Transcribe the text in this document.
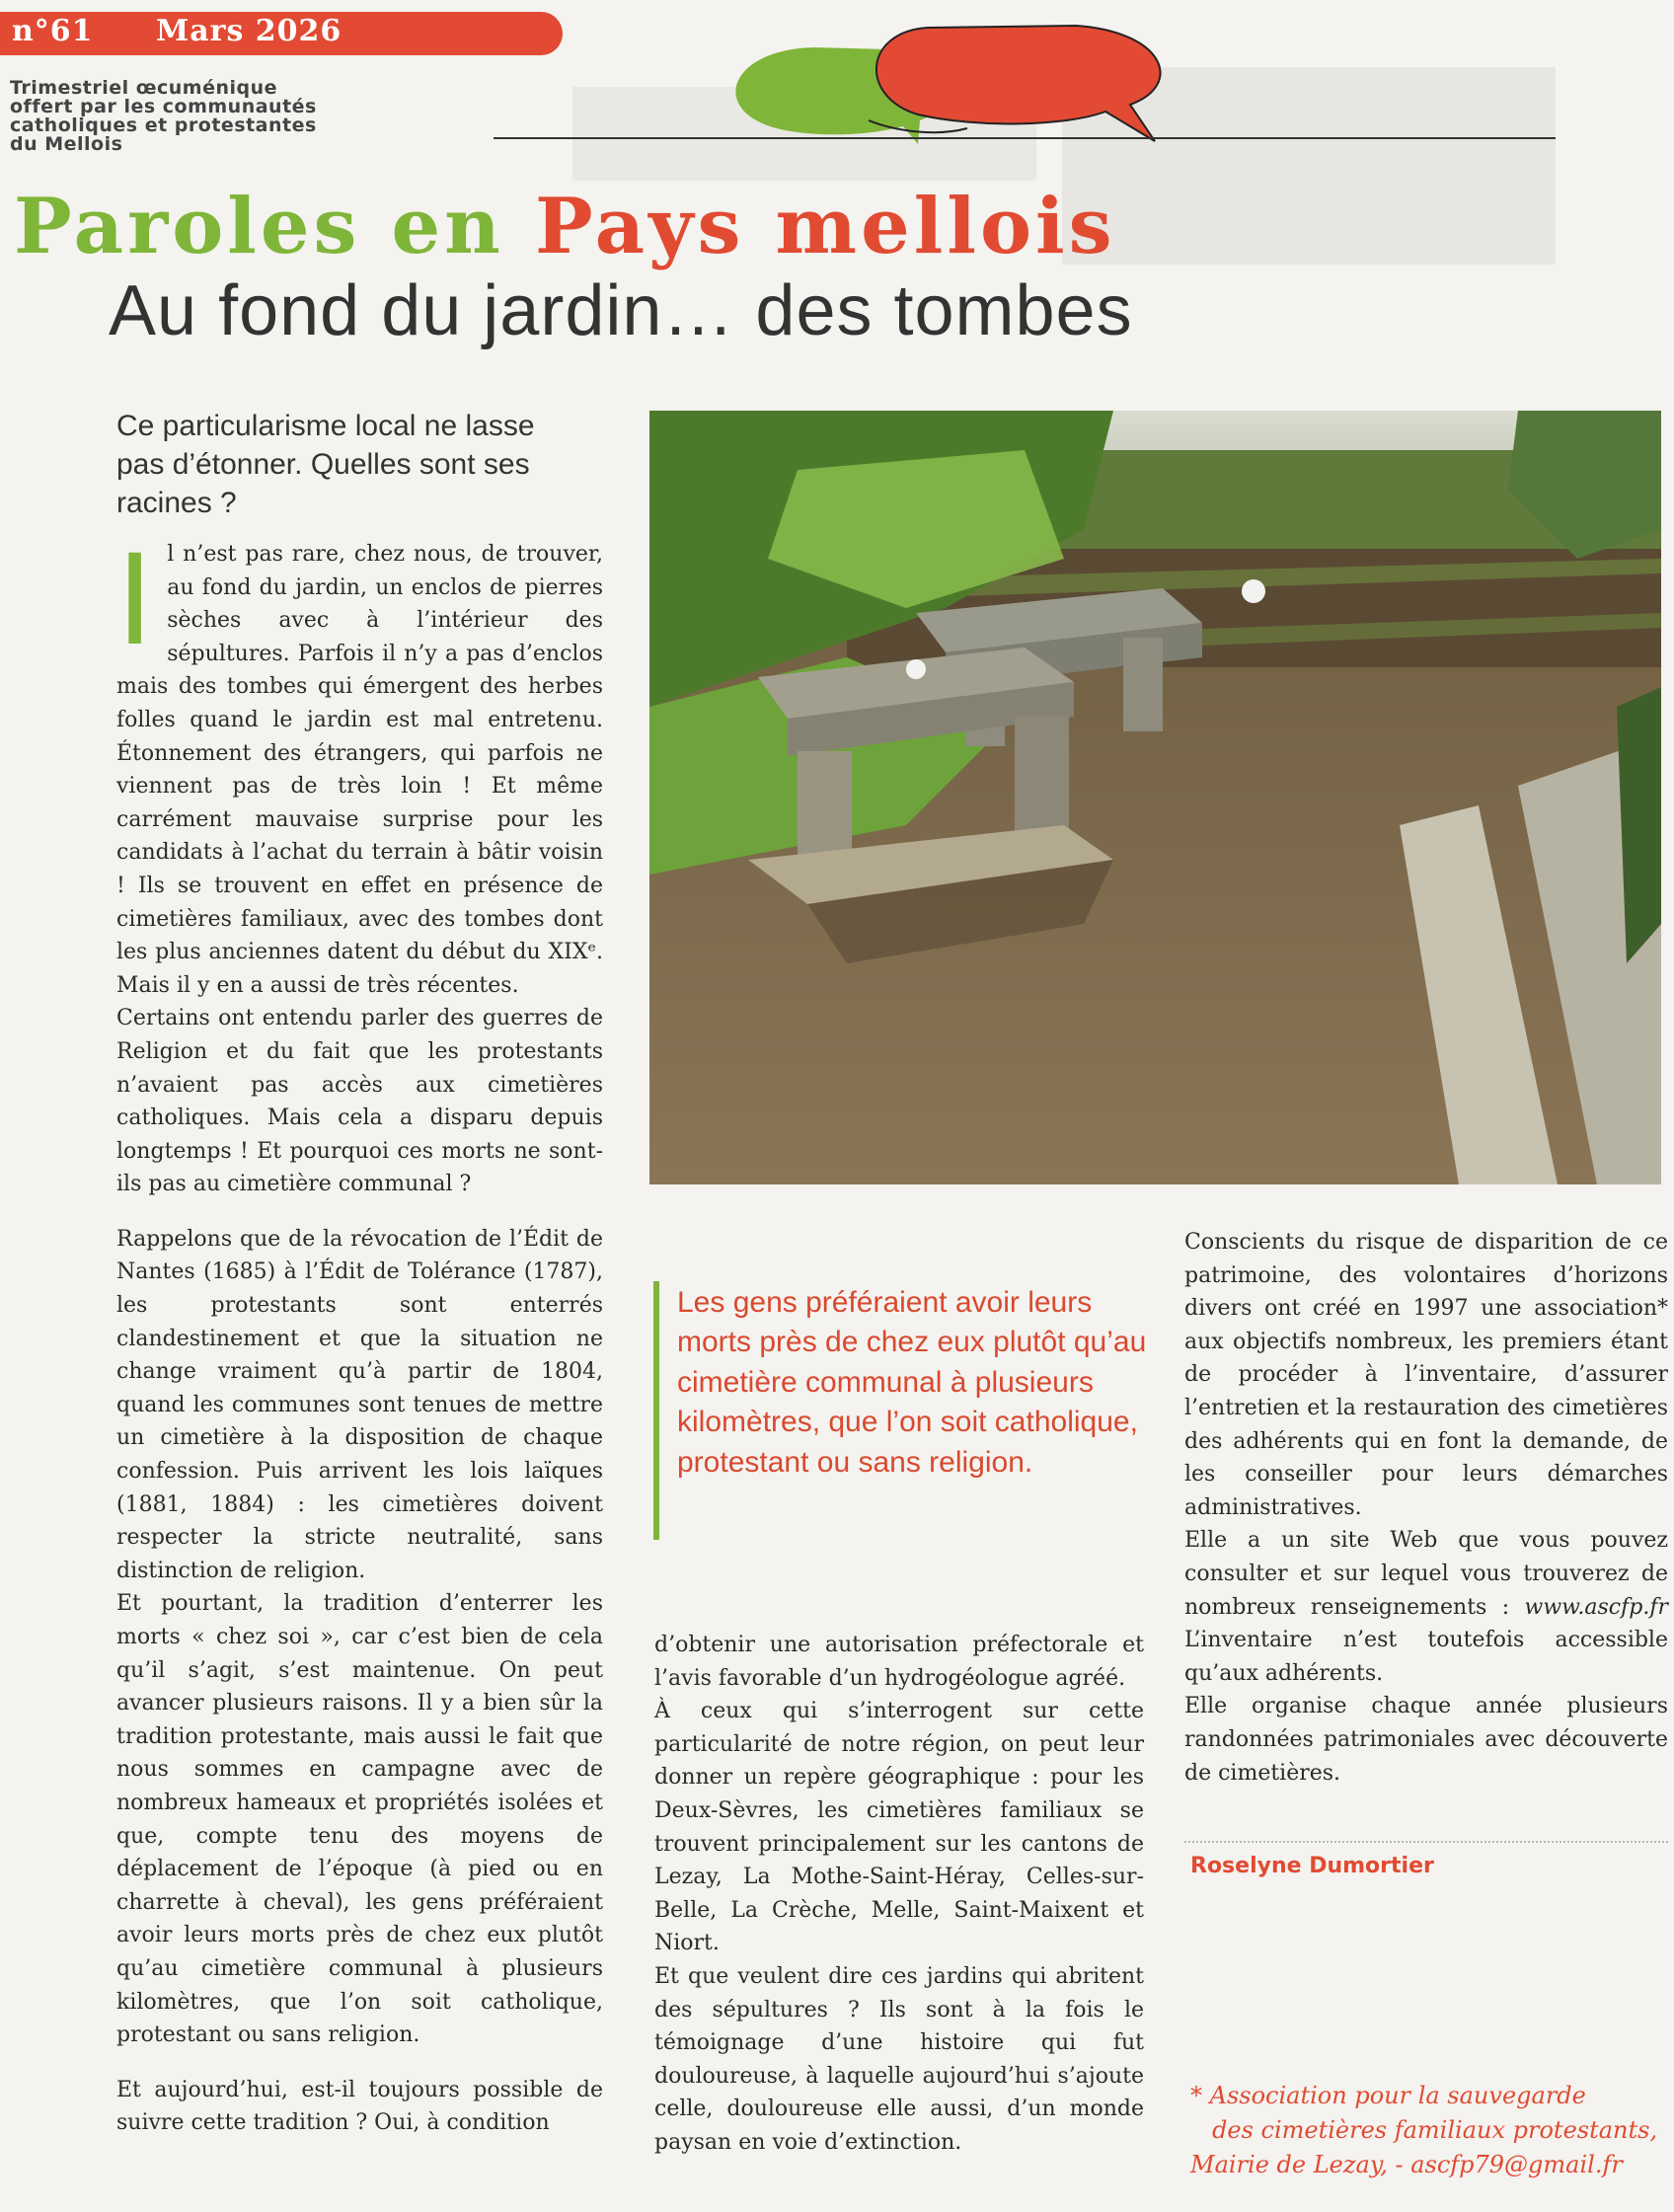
n°61 Mars 2026
Trimestriel œcuménique
offert par les communautés
catholiques et protestantes
du Mellois
Paroles en Pays mellois
Au fond du jardin… des tombes
Ce particularisme local ne lasse pas d’étonner. Quelles sont ses racines ?

Il n’est pas rare, chez nous, de trouver, au fond du jardin, un enclos de pierres sèches avec à l’intérieur des sépultures. Parfois il n’y a pas d’enclos mais des tombes qui émergent des herbes folles quand le jardin est mal entretenu. Étonnement des étrangers, qui parfois ne viennent pas de très loin ! Et même carrément mauvaise surprise pour les candidats à l’achat du terrain à bâtir voisin ! Ils se trouvent en effet en présence de cimetières familiaux, avec des tombes dont les plus anciennes datent du début du XIXᵉ. Mais il y en a aussi de très récentes.

Certains ont entendu parler des guerres de Religion et du fait que les protestants n’avaient pas accès aux cimetières catholiques. Mais cela a disparu depuis longtemps ! Et pourquoi ces morts ne sont-ils pas au cimetière communal ?

Rappelons que de la révocation de l’Édit de Nantes (1685) à l’Édit de Tolérance (1787), les protestants sont enterrés clandestinement et que la situation ne change vraiment qu’à partir de 1804, quand les communes sont tenues de mettre un cimetière à la disposition de chaque confession. Puis arrivent les lois laïques (1881, 1884) : les cimetières doivent respecter la stricte neutralité, sans distinction de religion.

Et pourtant, la tradition d’enterrer les morts « chez soi », car c’est bien de cela qu’il s’agit, s’est maintenue. On peut avancer plusieurs raisons. Il y a bien sûr la tradition protestante, mais aussi le fait que nous sommes en campagne avec de nombreux hameaux et propriétés isolées et que, compte tenu des moyens de déplacement de l’époque (à pied ou en charrette à cheval), les gens préféraient avoir leurs morts près de chez eux plutôt qu’au cimetière communal à plusieurs kilomètres, que l’on soit catholique, protestant ou sans religion.

Et aujourd’hui, est-il toujours possible de suivre cette tradition ? Oui, à condition

Les gens préféraient avoir leurs morts près de chez eux plutôt qu’au cimetière communal à plusieurs kilomètres, que l’on soit catholique, protestant ou sans religion.

d’obtenir une autorisation préfectorale et l’avis favorable d’un hydrogéologue agréé.

À ceux qui s’interrogent sur cette particularité de notre région, on peut leur donner un repère géographique : pour les Deux-Sèvres, les cimetières familiaux se trouvent principalement sur les cantons de Lezay, La Mothe-Saint-Héray, Celles-sur-Belle, La Crèche, Melle, Saint-Maixent et Niort.

Et que veulent dire ces jardins qui abritent des sépultures ? Ils sont à la fois le témoignage d’une histoire qui fut douloureuse, à laquelle aujourd’hui s’ajoute celle, douloureuse elle aussi, d’un monde paysan en voie d’extinction.

Conscients du risque de disparition de ce patrimoine, des volontaires d’horizons divers ont créé en 1997 une association* aux objectifs nombreux, les premiers étant de procéder à l’inventaire, d’assurer l’entretien et la restauration des cimetières des adhérents qui en font la demande, de les conseiller pour leurs démarches administratives.

Elle a un site Web que vous pouvez consulter et sur lequel vous trouverez de nombreux renseignements : www.ascfp.fr L’inventaire n’est toutefois accessible qu’aux adhérents.

Elle organise chaque année plusieurs randonnées patrimoniales avec découverte de cimetières.

Roselyne Dumortier
* Association pour la sauvegarde
des cimetières familiaux protestants,
Mairie de Lezay, - ascfp79@gmail.fr
